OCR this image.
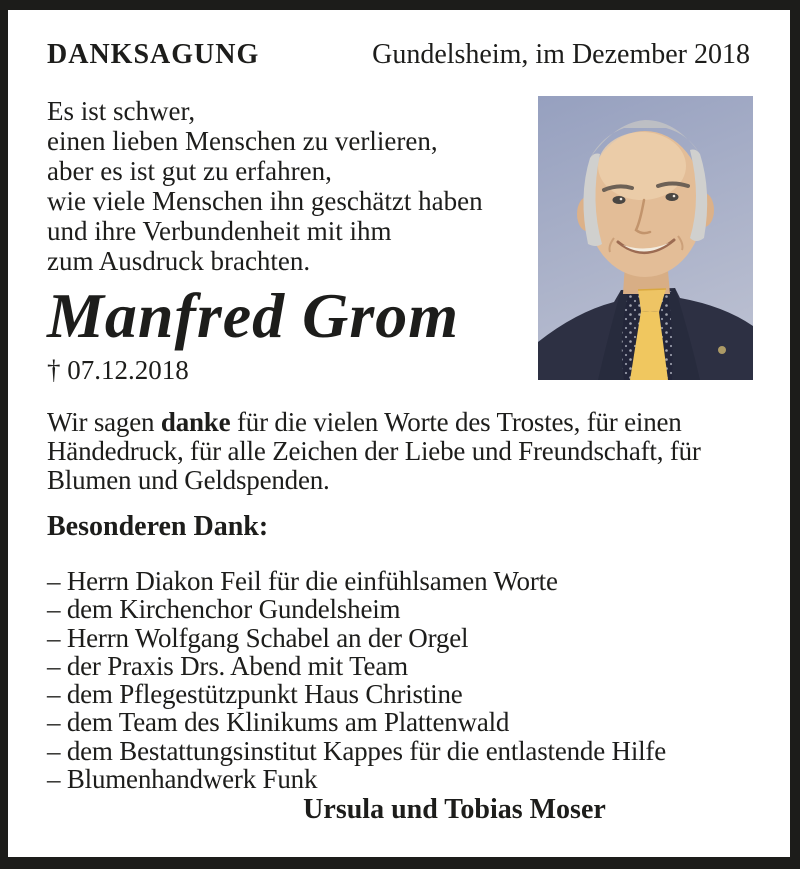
DANKSAGUNG	Gundelsheim, im Dezember 2018
Es ist schwer,
einen lieben Menschen zu verlieren,
aber es ist gut zu erfahren,
wie viele Menschen ihn geschätzt haben
und ihre Verbundenheit mit ihm
zum Ausdruck brachten.
Manfred Grom
† 07.12.2018
Wir sagen danke für die vielen Worte des Trostes, für einen
Händedruck, für alle Zeichen der Liebe und Freundschaft, für
Blumen und Geldspenden.
Besonderen Dank:
– Herrn Diakon Feil für die einfühlsamen Worte
– dem Kirchenchor Gundelsheim
– Herrn Wolfgang Schabel an der Orgel
– der Praxis Drs. Abend mit Team
– dem Pflegestützpunkt Haus Christine
– dem Team des Klinikums am Plattenwald
– dem Bestattungsinstitut Kappes für die entlastende Hilfe
– Blumenhandwerk Funk
Ursula und Tobias Moser
